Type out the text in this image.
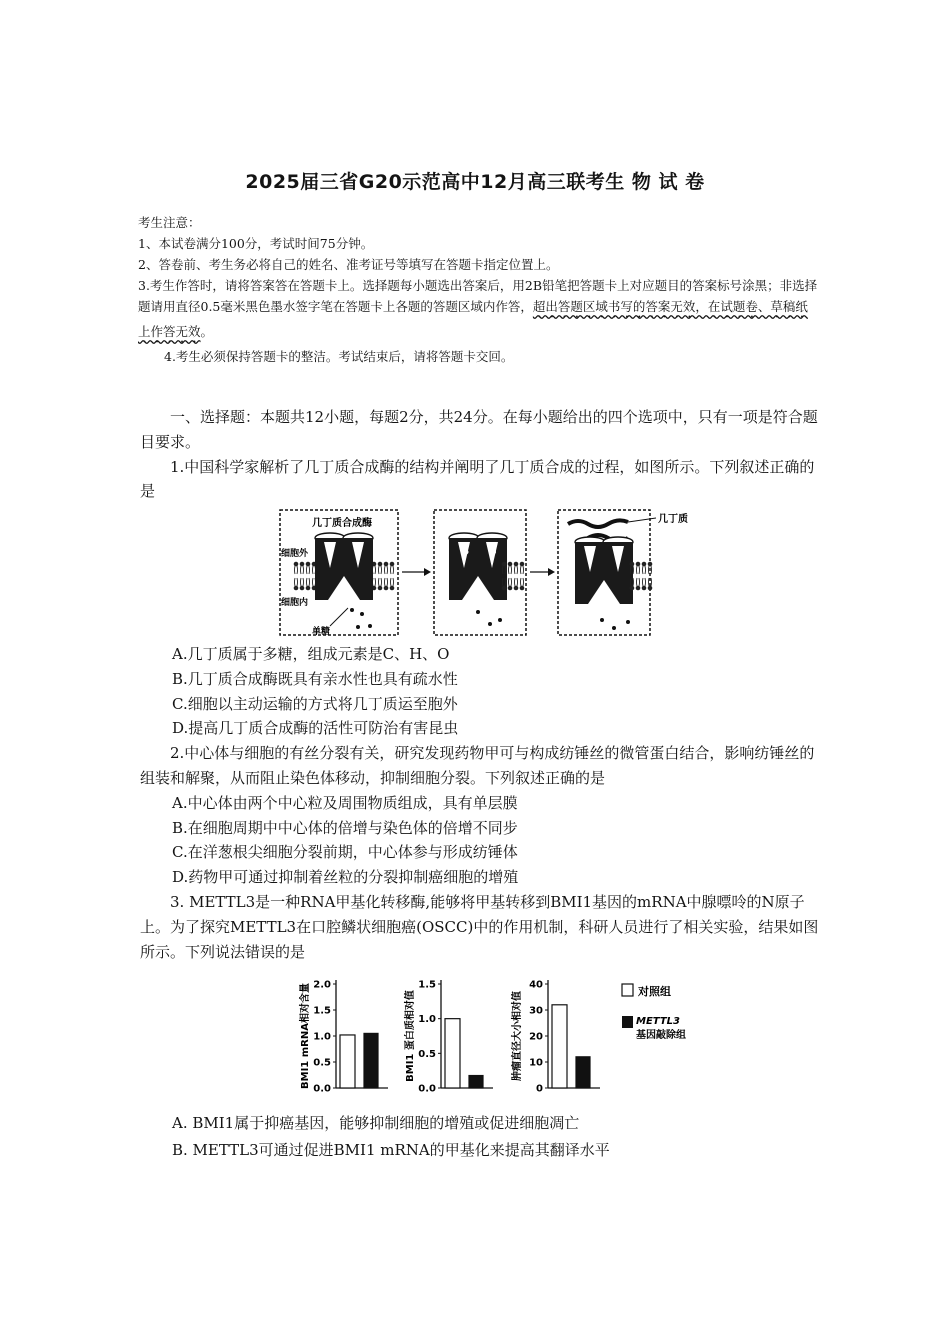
2025届三省G20示范高中12月高三联考生 物 试 卷

考生注意：

1、本试卷满分100分，考试时间75分钟。

2、答卷前、考生务必将自己的姓名、准考证号等填写在答题卡指定位置上。

3.考生作答时，请将答案答在答题卡上。选择题每小题选出答案后，用2B铅笔把答题卡上对应题目的答案标号涂黑；非选择题请用直径0.5毫米黑色墨水签字笔在答题卡上各题的答题区域内作答，超出答题区域书写的答案无效，在试题卷、草稿纸上作答无效。

4.考生必须保持答题卡的整洁。考试结束后，请将答题卡交回。

一、选择题：本题共12小题，每题2分，共24分。在每小题给出的四个选项中，只有一项是符合题目要求。

1.中国科学家解析了几丁质合成酶的结构并阐明了几丁质合成的过程，如图所示。下列叙述正确的是

几丁质合成酶
细胞外
细胞内
单糖
几丁质

A.几丁质属于多糖，组成元素是C、H、O

B.几丁质合成酶既具有亲水性也具有疏水性

C.细胞以主动运输的方式将几丁质运至胞外

D.提高几丁质合成酶的活性可防治有害昆虫

2.中心体与细胞的有丝分裂有关，研究发现药物甲可与构成纺锤丝的微管蛋白结合，影响纺锤丝的组装和解聚，从而阻止染色体移动，抑制细胞分裂。下列叙述正确的是

A.中心体由两个中心粒及周围物质组成，具有单层膜

B.在细胞周期中中心体的倍增与染色体的倍增不同步

C.在洋葱根尖细胞分裂前期，中心体参与形成纺锤体

D.药物甲可通过抑制着丝粒的分裂抑制癌细胞的增殖

3. METTL3是一种RNA甲基化转移酶,能够将甲基转移到BMI1基因的mRNA中腺嘌呤的N原子上。为了探究METTL3在口腔鳞状细胞癌(OSCC)中的作用机制，科研人员进行了相关实验，结果如图所示。下列说法错误的是

对照组
METTL3
基因敲除组
0.0
0.5
1.0
1.5
2.0
BMI1 mRNA相对含量
0.0
0.5
1.0
1.5
BMI1 蛋白质相对值
0
10
20
30
40
肿瘤直径大小相对值

A. BMI1属于抑癌基因，能够抑制细胞的增殖或促进细胞凋亡

B. METTL3可通过促进BMI1 mRNA的甲基化来提高其翻译水平
